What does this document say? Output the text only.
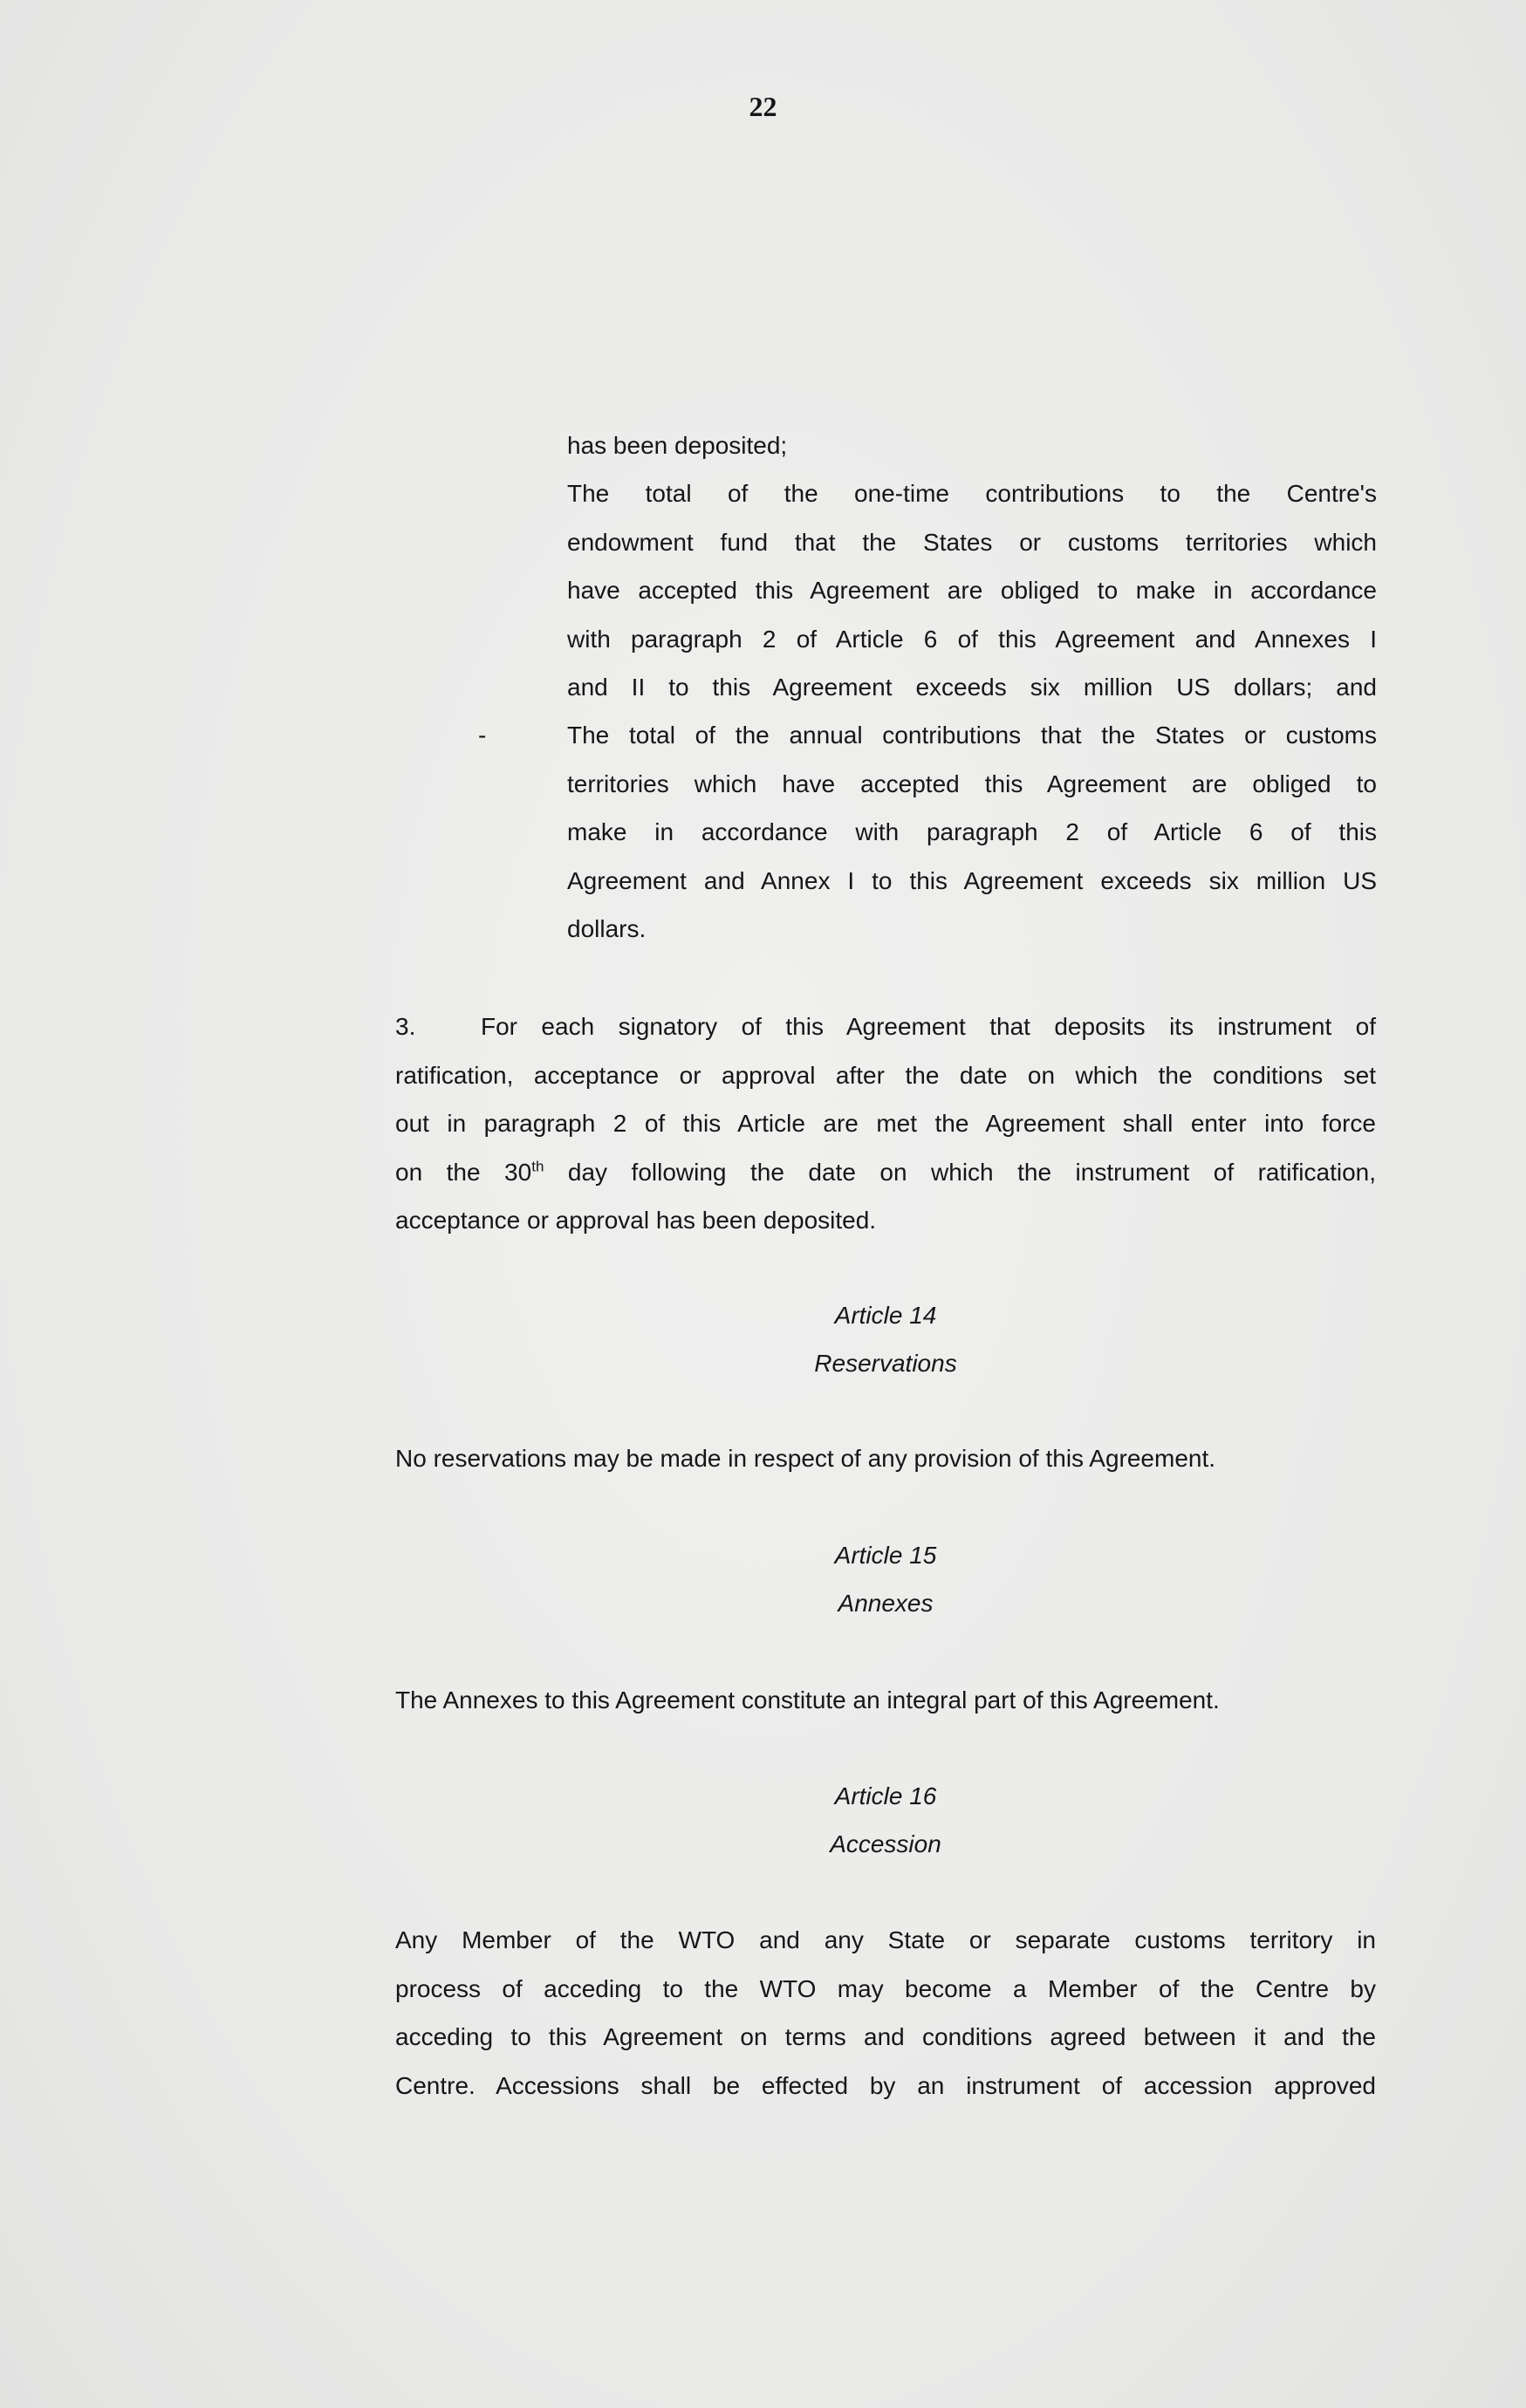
22
has been deposited;
The total of the one-time contributions to the Centre's
endowment fund that the States or customs territories which
have accepted this Agreement are obliged to make in accordance
with paragraph 2 of Article 6 of this Agreement and Annexes I
and II to this Agreement exceeds six million US dollars; and
-	The total of the annual contributions that the States or customs
territories which have accepted this Agreement are obliged to
make in accordance with paragraph 2 of Article 6 of this
Agreement and Annex I to this Agreement exceeds six million US
dollars.
3.	For each signatory of this Agreement that deposits its instrument of
ratification, acceptance or approval after the date on which the conditions set
out in paragraph 2 of this Article are met the Agreement shall enter into force
on the 30th day following the date on which the instrument of ratification,
acceptance or approval has been deposited.
Article 14
Reservations
No reservations may be made in respect of any provision of this Agreement.
Article 15
Annexes
The Annexes to this Agreement constitute an integral part of this Agreement.
Article 16
Accession
Any Member of the WTO and any State or separate customs territory in
process of acceding to the WTO may become a Member of the Centre by
acceding to this Agreement on terms and conditions agreed between it and the
Centre. Accessions shall be effected by an instrument of accession approved
